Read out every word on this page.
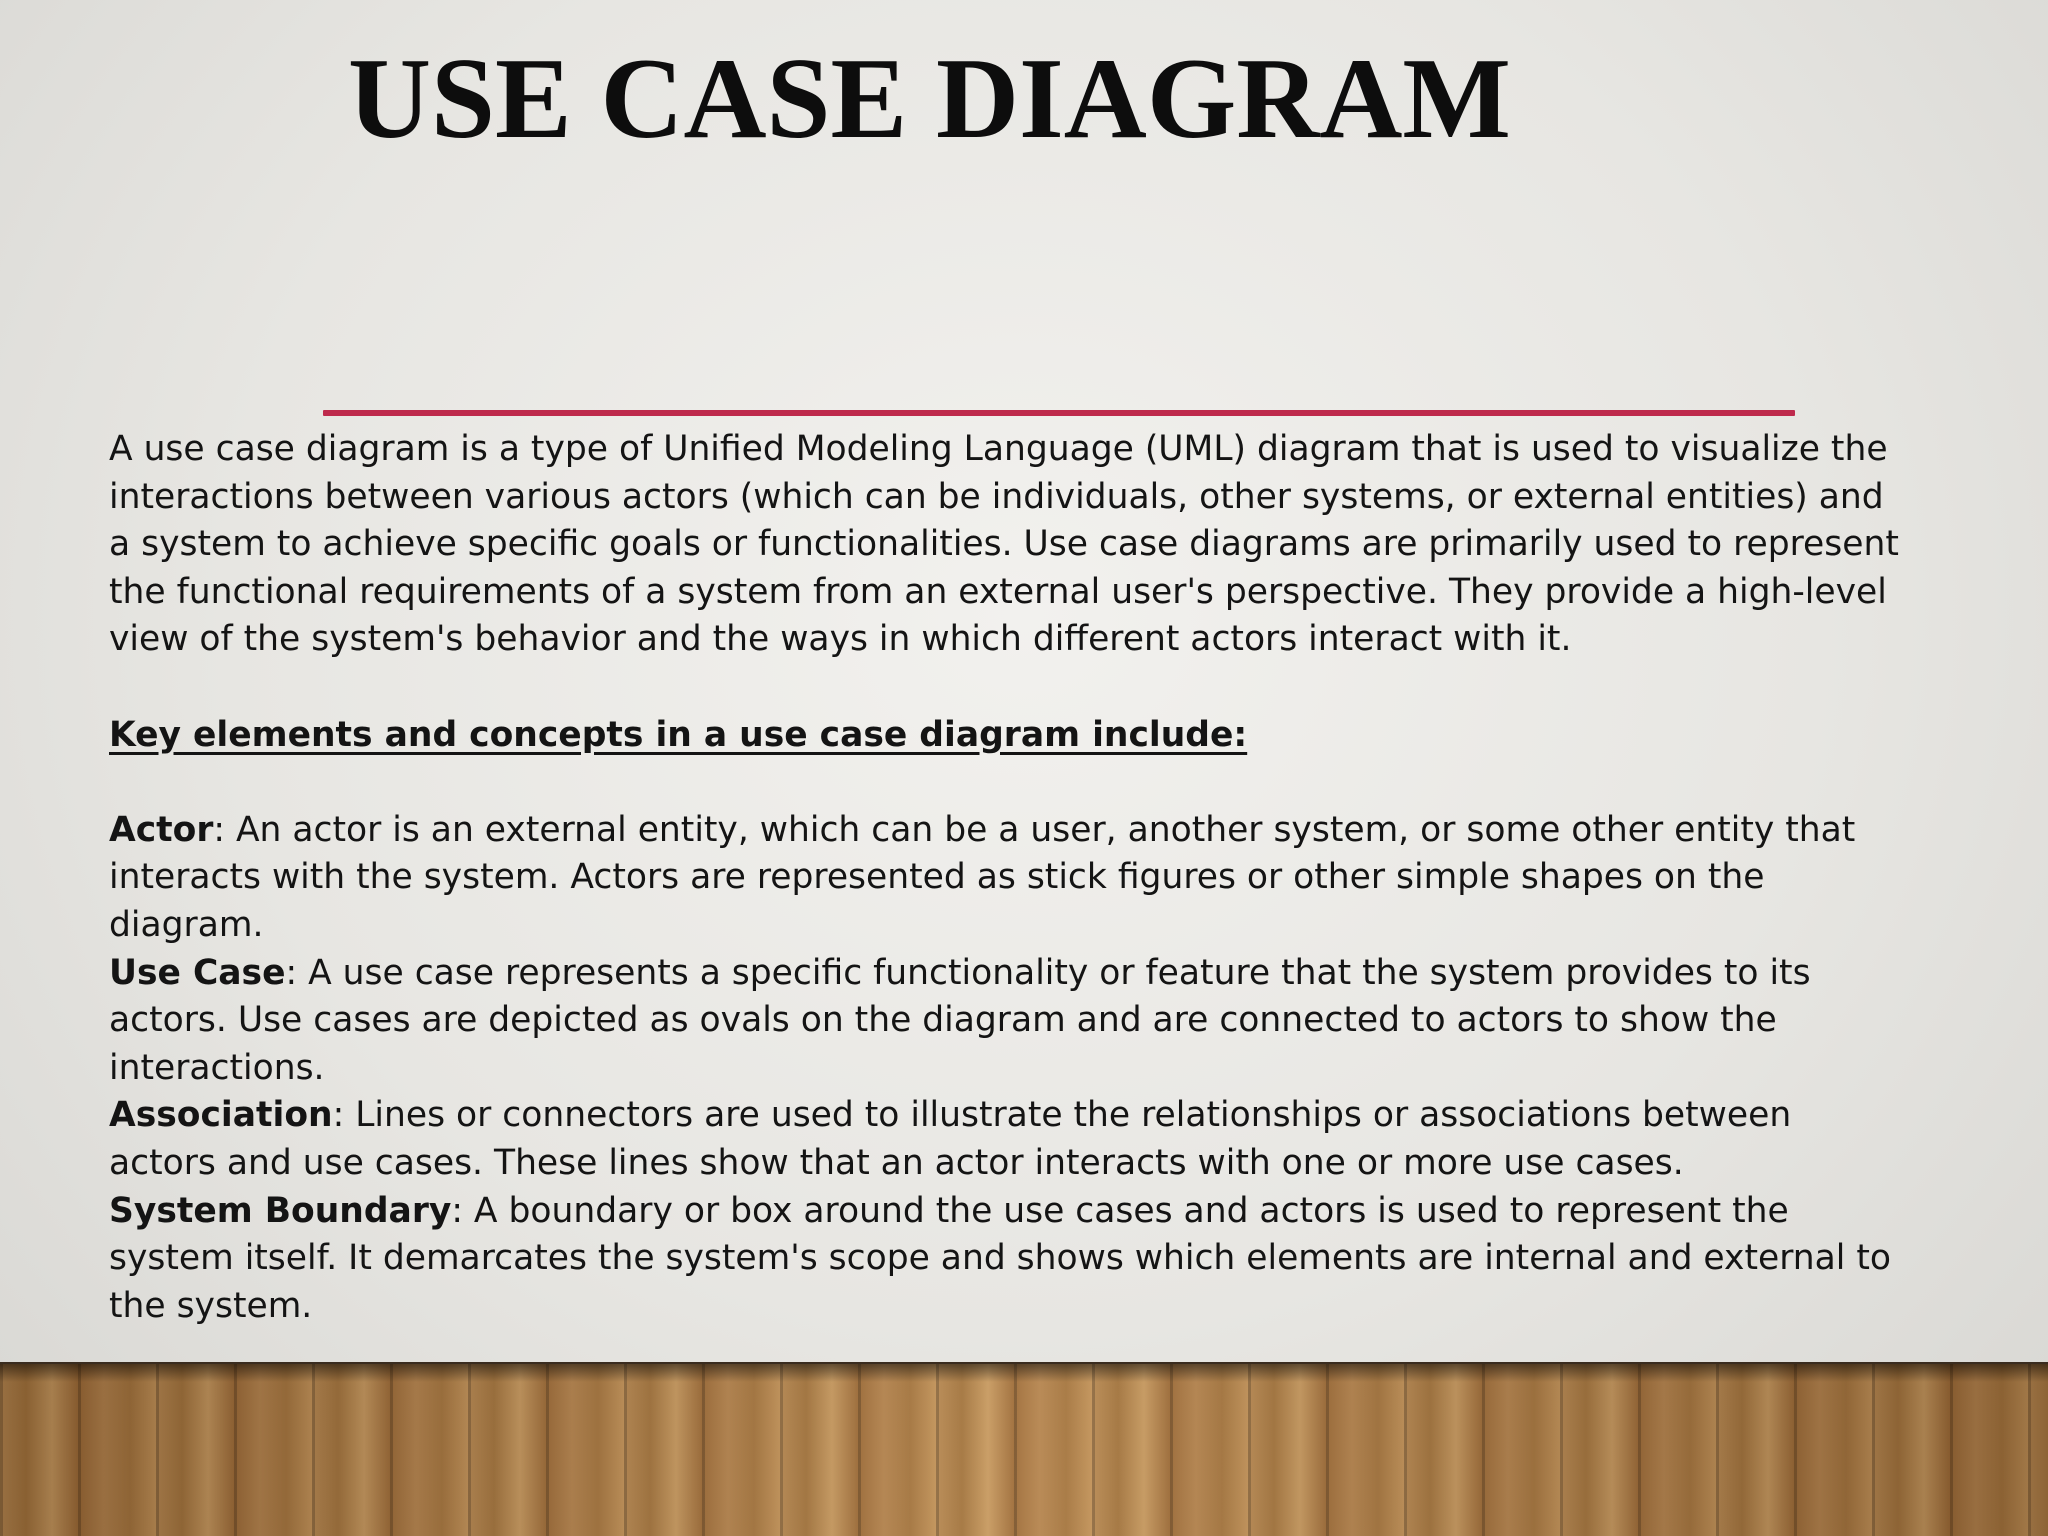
USE CASE DIAGRAM

A use case diagram is a type of Unified Modeling Language (UML) diagram that is used to visualize the interactions between various actors (which can be individuals, other systems, or external entities) and a system to achieve specific goals or functionalities. Use case diagrams are primarily used to represent the functional requirements of a system from an external user's perspective. They provide a high-level view of the system's behavior and the ways in which different actors interact with it.

Key elements and concepts in a use case diagram include:

Actor: An actor is an external entity, which can be a user, another system, or some other entity that interacts with the system. Actors are represented as stick figures or other simple shapes on the diagram.

Use Case: A use case represents a specific functionality or feature that the system provides to its actors. Use cases are depicted as ovals on the diagram and are connected to actors to show the interactions.

Association: Lines or connectors are used to illustrate the relationships or associations between actors and use cases. These lines show that an actor interacts with one or more use cases.

System Boundary: A boundary or box around the use cases and actors is used to represent the system itself. It demarcates the system's scope and shows which elements are internal and external to the system.
